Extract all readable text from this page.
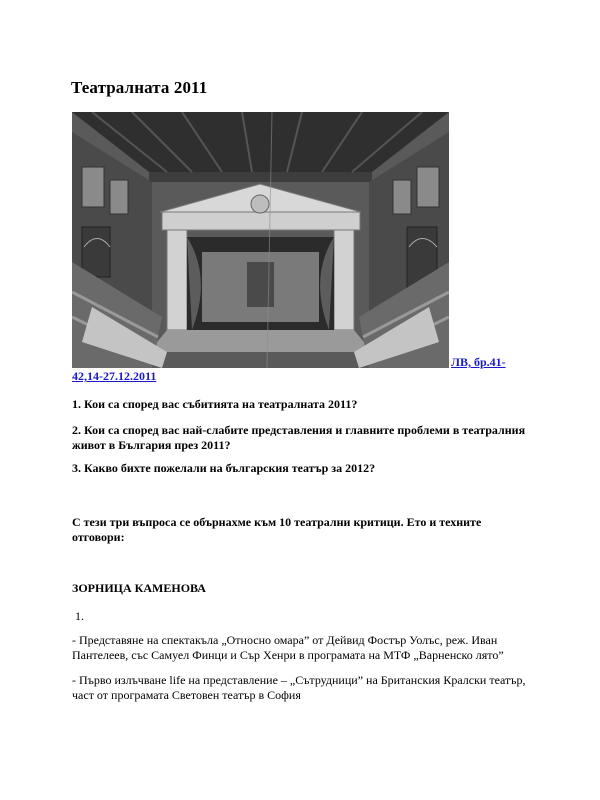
Театралната 2011
ЛВ, бр.41-
42,14-27.12.2011

1. Кои са според вас събитията на театралната 2011?

2. Кои са според вас най-слабите представления и главните проблеми в театралния живот в България през 2011?

3. Какво бихте пожелали на българския театър за 2012?

С тези три въпроса се обърнахме към 10 театрални критици. Ето и техните отговори:

ЗОРНИЦА КАМЕНОВА

1.

- Представяне на спектакъла „Относно омара” от Дейвид Фостър Уолъс, реж. Иван Пантелеев, със Самуел Финци и Сър Хенри в програмата на МТФ „Варненско лято”

- Първо излъчване life на представление – „Сътрудници” на Британския Кралски театър, част от програмата Световен театър в София
